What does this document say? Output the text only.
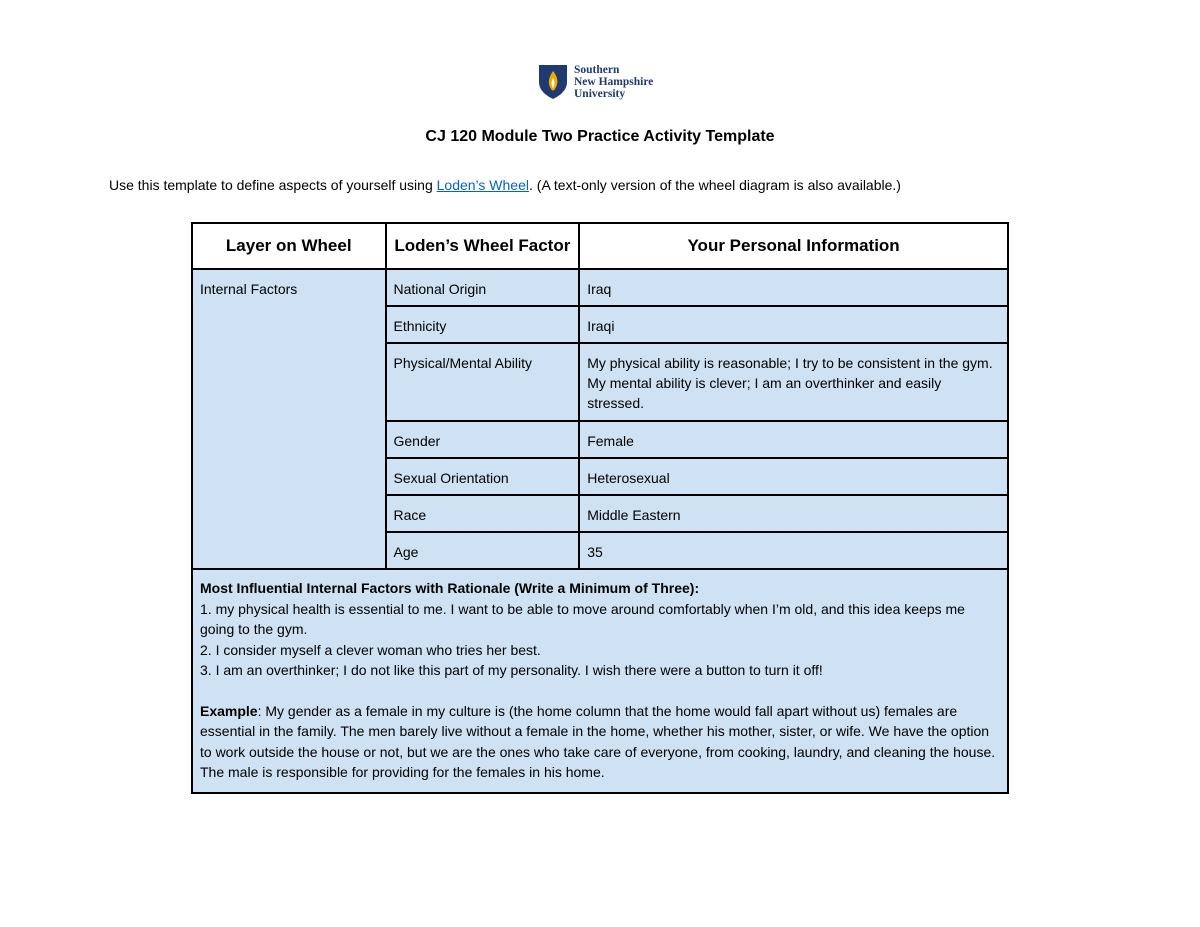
Southern
New Hampshire
University
CJ 120 Module Two Practice Activity Template
Use this template to define aspects of yourself using Loden’s Wheel. (A text-only version of the wheel diagram is also available.)
Layer on Wheel	Loden’s Wheel Factor	Your Personal Information
Internal Factors	National Origin	Iraq
	Ethnicity	Iraqi
	Physical/Mental Ability	My physical ability is reasonable; I try to be consistent in the gym. My mental ability is clever; I am an overthinker and easily stressed.
	Gender	Female
	Sexual Orientation	Heterosexual
	Race	Middle Eastern
	Age	35

Most Influential Internal Factors with Rationale (Write a Minimum of Three):
1. my physical health is essential to me. I want to be able to move around comfortably when I’m old, and this idea keeps me going to the gym.
2. I consider myself a clever woman who tries her best.
3. I am an overthinker; I do not like this part of my personality. I wish there were a button to turn it off!
Example: My gender as a female in my culture is (the home column that the home would fall apart without us) females are essential in the family. The men barely live without a female in the home, whether his mother, sister, or wife. We have the option to work outside the house or not, but we are the ones who take care of everyone, from cooking, laundry, and cleaning the house. The male is responsible for providing for the females in his home.		
